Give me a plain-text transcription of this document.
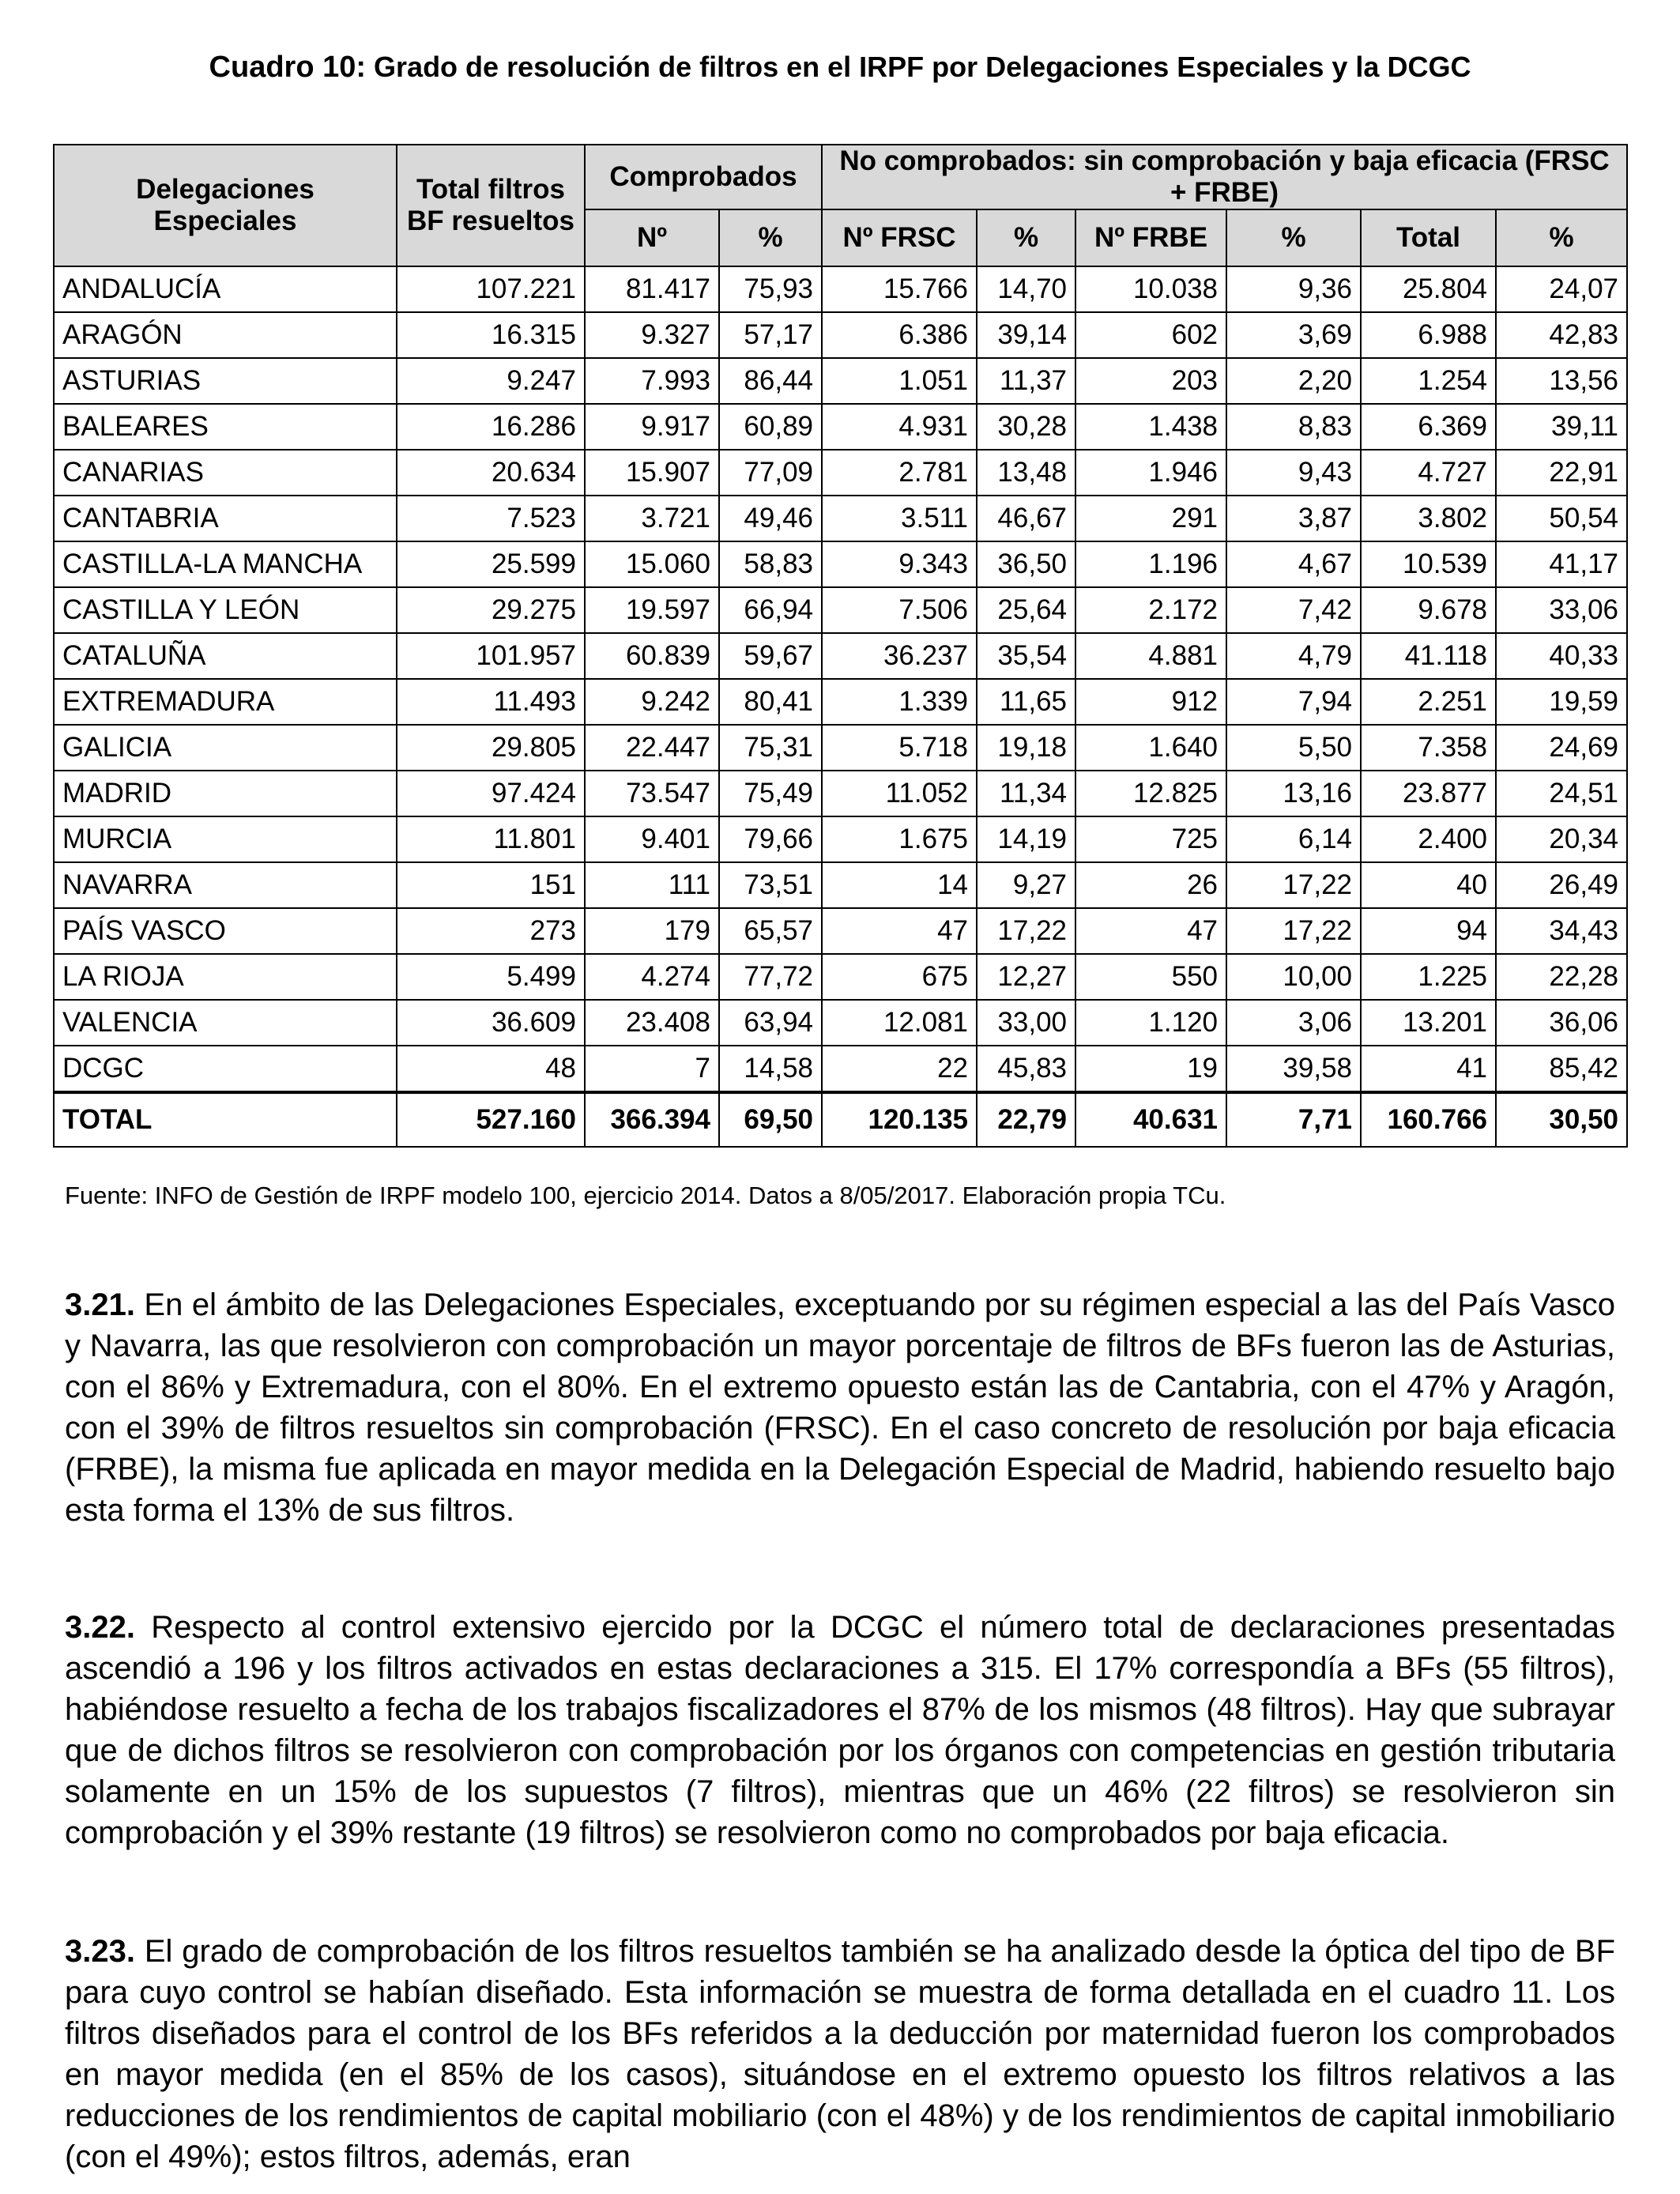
Cuadro 10: Grado de resolución de filtros en el IRPF por Delegaciones Especiales y la DCGC
Delegaciones Especiales	Total filtros BF resueltos	Comprobados		No comprobados: sin comprobación y baja eficacia (FRSC + FRBE)					
		Nº	%	Nº FRSC	%	Nº FRBE	%	Total	%
ANDALUCÍA	107.221	81.417	75,93	15.766	14,70	10.038	9,36	25.804	24,07
ARAGÓN	16.315	9.327	57,17	6.386	39,14	602	3,69	6.988	42,83
ASTURIAS	9.247	7.993	86,44	1.051	11,37	203	2,20	1.254	13,56
BALEARES	16.286	9.917	60,89	4.931	30,28	1.438	8,83	6.369	39,11
CANARIAS	20.634	15.907	77,09	2.781	13,48	1.946	9,43	4.727	22,91
CANTABRIA	7.523	3.721	49,46	3.511	46,67	291	3,87	3.802	50,54
CASTILLA-LA MANCHA	25.599	15.060	58,83	9.343	36,50	1.196	4,67	10.539	41,17
CASTILLA Y LEÓN	29.275	19.597	66,94	7.506	25,64	2.172	7,42	9.678	33,06
CATALUÑA	101.957	60.839	59,67	36.237	35,54	4.881	4,79	41.118	40,33
EXTREMADURA	11.493	9.242	80,41	1.339	11,65	912	7,94	2.251	19,59
GALICIA	29.805	22.447	75,31	5.718	19,18	1.640	5,50	7.358	24,69
MADRID	97.424	73.547	75,49	11.052	11,34	12.825	13,16	23.877	24,51
MURCIA	11.801	9.401	79,66	1.675	14,19	725	6,14	2.400	20,34
NAVARRA	151	111	73,51	14	9,27	26	17,22	40	26,49
PAÍS VASCO	273	179	65,57	47	17,22	47	17,22	94	34,43
LA RIOJA	5.499	4.274	77,72	675	12,27	550	10,00	1.225	22,28
VALENCIA	36.609	23.408	63,94	12.081	33,00	1.120	3,06	13.201	36,06
DCGC	48	7	14,58	22	45,83	19	39,58	41	85,42
TOTAL	527.160	366.394	69,50	120.135	22,79	40.631	7,71	160.766	30,50
Fuente: INFO de Gestión de IRPF modelo 100, ejercicio 2014. Datos a 8/05/2017. Elaboración propia TCu.

3.21. En el ámbito de las Delegaciones Especiales, exceptuando por su régimen especial a las del País Vasco y Navarra, las que resolvieron con comprobación un mayor porcentaje de filtros de BFs fueron las de Asturias, con el 86% y Extremadura, con el 80%. En el extremo opuesto están las de Cantabria, con el 47% y Aragón, con el 39% de filtros resueltos sin comprobación (FRSC). En el caso concreto de resolución por baja eficacia (FRBE), la misma fue aplicada en mayor medida en la Delegación Especial de Madrid, habiendo resuelto bajo esta forma el 13% de sus filtros.

3.22. Respecto al control extensivo ejercido por la DCGC el número total de declaraciones presentadas ascendió a 196 y los filtros activados en estas declaraciones a 315. El 17% correspondía a BFs (55 filtros), habiéndose resuelto a fecha de los trabajos fiscalizadores el 87% de los mismos (48 filtros). Hay que subrayar que de dichos filtros se resolvieron con comprobación por los órganos con competencias en gestión tributaria solamente en un 15% de los supuestos (7 filtros), mientras que un 46% (22 filtros) se resolvieron sin comprobación y el 39% restante (19 filtros) se resolvieron como no comprobados por baja eficacia.

3.23. El grado de comprobación de los filtros resueltos también se ha analizado desde la óptica del tipo de BF para cuyo control se habían diseñado. Esta información se muestra de forma detallada en el cuadro 11. Los filtros diseñados para el control de los BFs referidos a la deducción por maternidad fueron los comprobados en mayor medida (en el 85% de los casos), situándose en el extremo opuesto los filtros relativos a las reducciones de los rendimientos de capital mobiliario (con el 48%) y de los rendimientos de capital inmobiliario (con el 49%); estos filtros, además, eran
